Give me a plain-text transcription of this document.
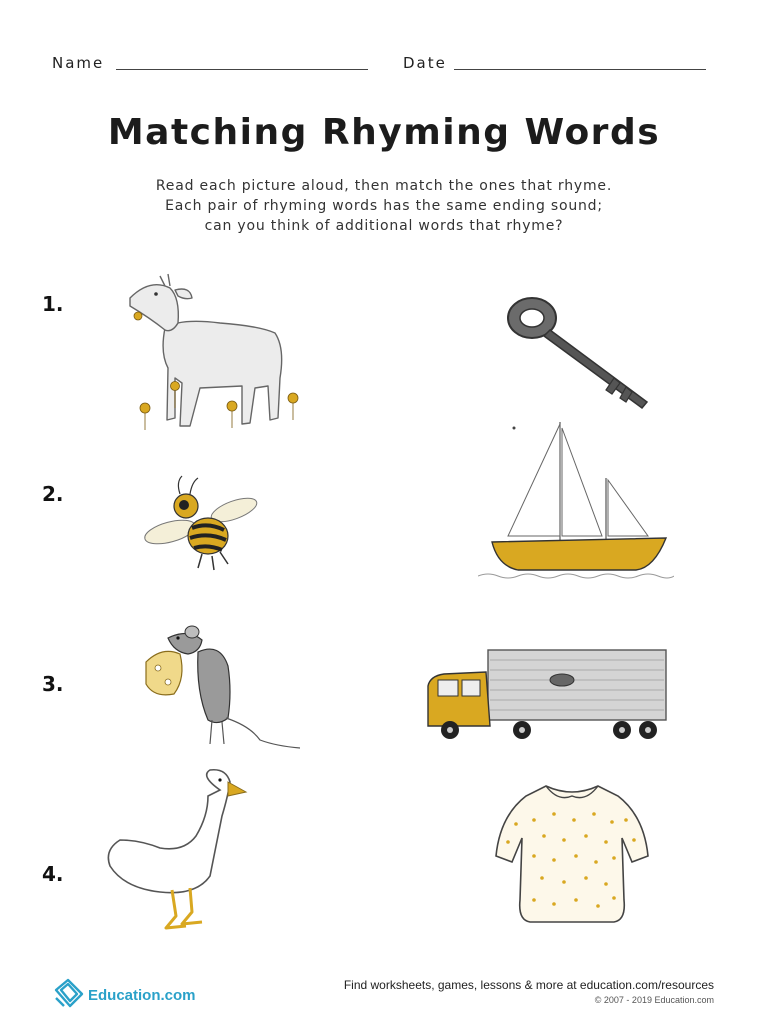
Name	Date
Matching Rhyming Words
Read each picture aloud, then match the ones that rhyme.
Each pair of rhyming words has the same ending sound;
can you think of additional words that rhyme?
1.
2.
3.
4.
Education.com
Find worksheets, games, lessons & more at education.com/resources
© 2007 - 2019 Education.com
